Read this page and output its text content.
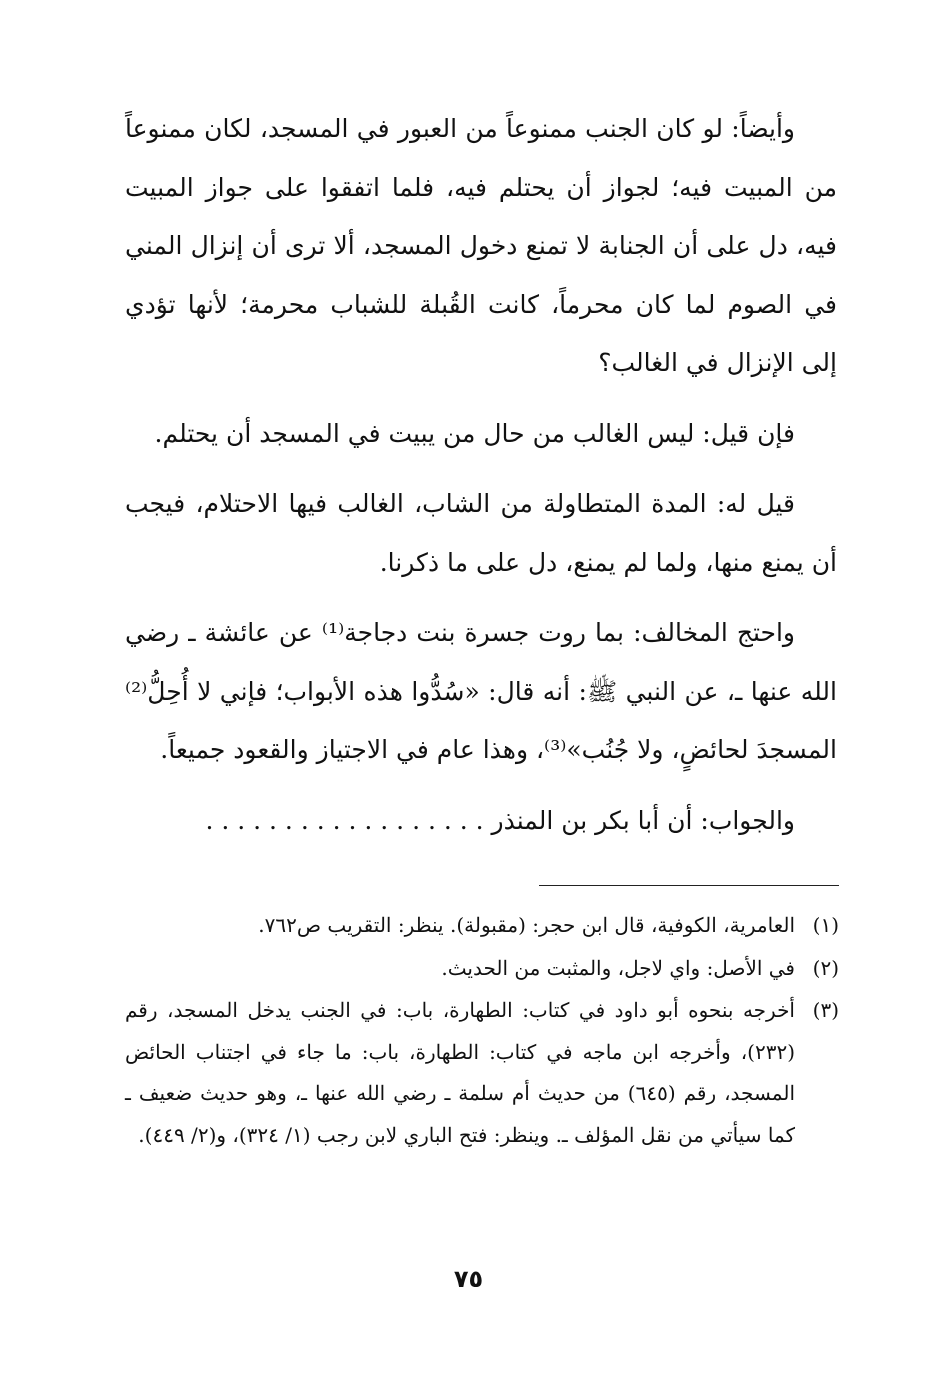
وأيضاً: لو كان الجنب ممنوعاً من العبور في المسجد، لكان ممنوعاً من المبيت فيه؛ لجواز أن يحتلم فيه، فلما اتفقوا على جواز المبيت فيه، دل على أن الجنابة لا تمنع دخول المسجد، ألا ترى أن إنزال المني في الصوم لما كان محرماً، كانت القُبلة للشباب محرمة؛ لأنها تؤدي إلى الإنزال في الغالب؟

فإن قيل: ليس الغالب من حال من يبيت في المسجد أن يحتلم.

قيل له: المدة المتطاولة من الشاب، الغالب فيها الاحتلام، فيجب أن يمنع منها، ولما لم يمنع، دل على ما ذكرنا.

واحتج المخالف: بما روت جسرة بنت دجاجة⁽¹⁾ عن عائشة ـ رضي الله عنها ـ، عن النبي ﷺ: أنه قال: «سُدُّوا هذه الأبواب؛ فإني لا أُحِلُّ⁽²⁾ المسجدَ لحائضٍ، ولا جُنُب»⁽³⁾، وهذا عام في الاجتياز والقعود جميعاً.

والجواب: أن أبا بكر بن المنذر . . . . . . . . . . . . . . . . . .

(١)
العامرية، الكوفية، قال ابن حجر: (مقبولة). ينظر: التقريب ص٧٦٢.
(٢)
في الأصل: واي لاجل، والمثبت من الحديث.
(٣)
أخرجه بنحوه أبو داود في كتاب: الطهارة، باب: في الجنب يدخل المسجد، رقم (٢٣٢)، وأخرجه ابن ماجه في كتاب: الطهارة، باب: ما جاء في اجتناب الحائض المسجد، رقم (٦٤٥) من حديث أم سلمة ـ رضي الله عنها ـ، وهو حديث ضعيف ـ كما سيأتي من نقل المؤلف ـ. وينظر: فتح الباري لابن رجب (١/ ٣٢٤)، و(٢/ ٤٤٩).
٧٥
